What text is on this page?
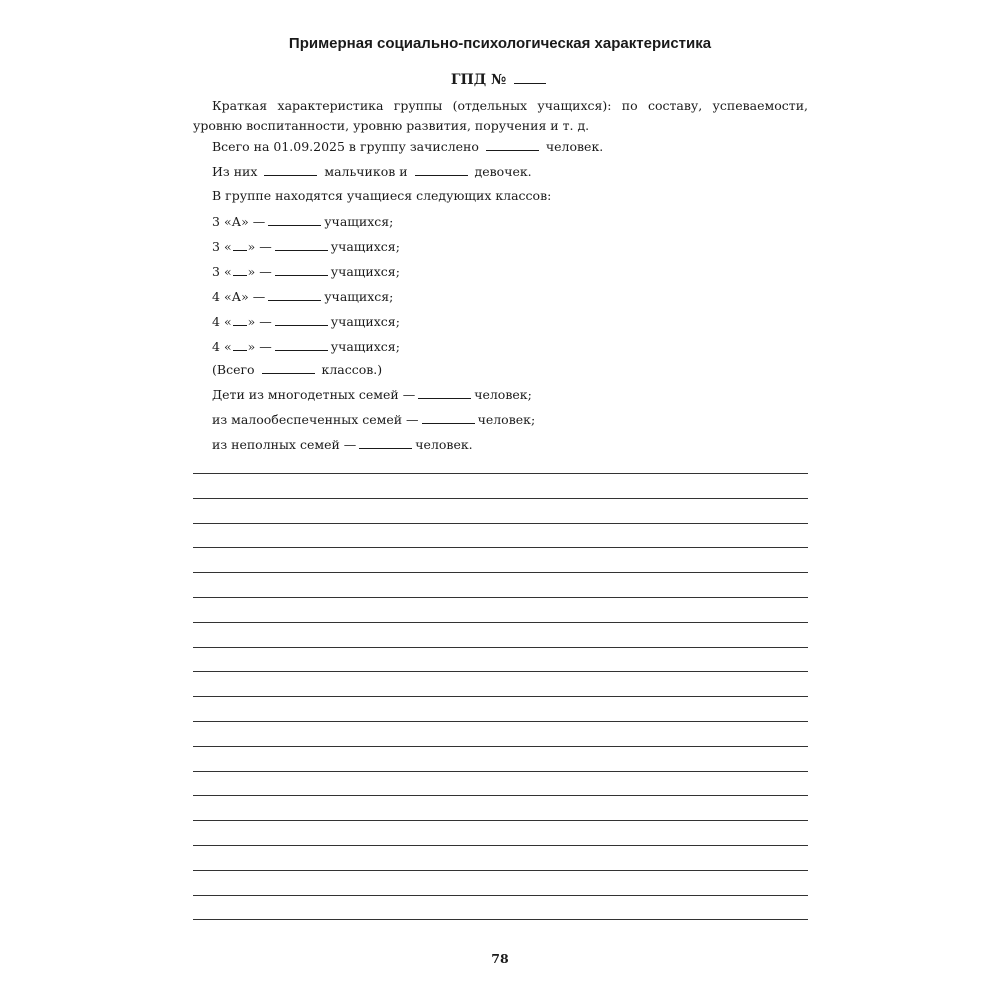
Примерная социально-психологическая характеристика
ГПД №
Краткая характеристика группы (отдельных учащихся): по составу, успеваемости, уровню воспитанности, уровню развития, поручения и т. д.
Всего на 01.09.2025 в группу зачислено	человек.
Из них	мальчиков и	девочек.
В группе находятся учащиеся следующих классов:
3 «А» —	учащихся;
3 « » —	учащихся;
3 « » —	учащихся;
4 «А» —	учащихся;
4 « » —	учащихся;
4 « » —	учащихся;
(Всего	классов.)
Дети из многодетных семей —	человек;
из малообеспеченных семей —	человек;
из неполных семей —	человек.
78
